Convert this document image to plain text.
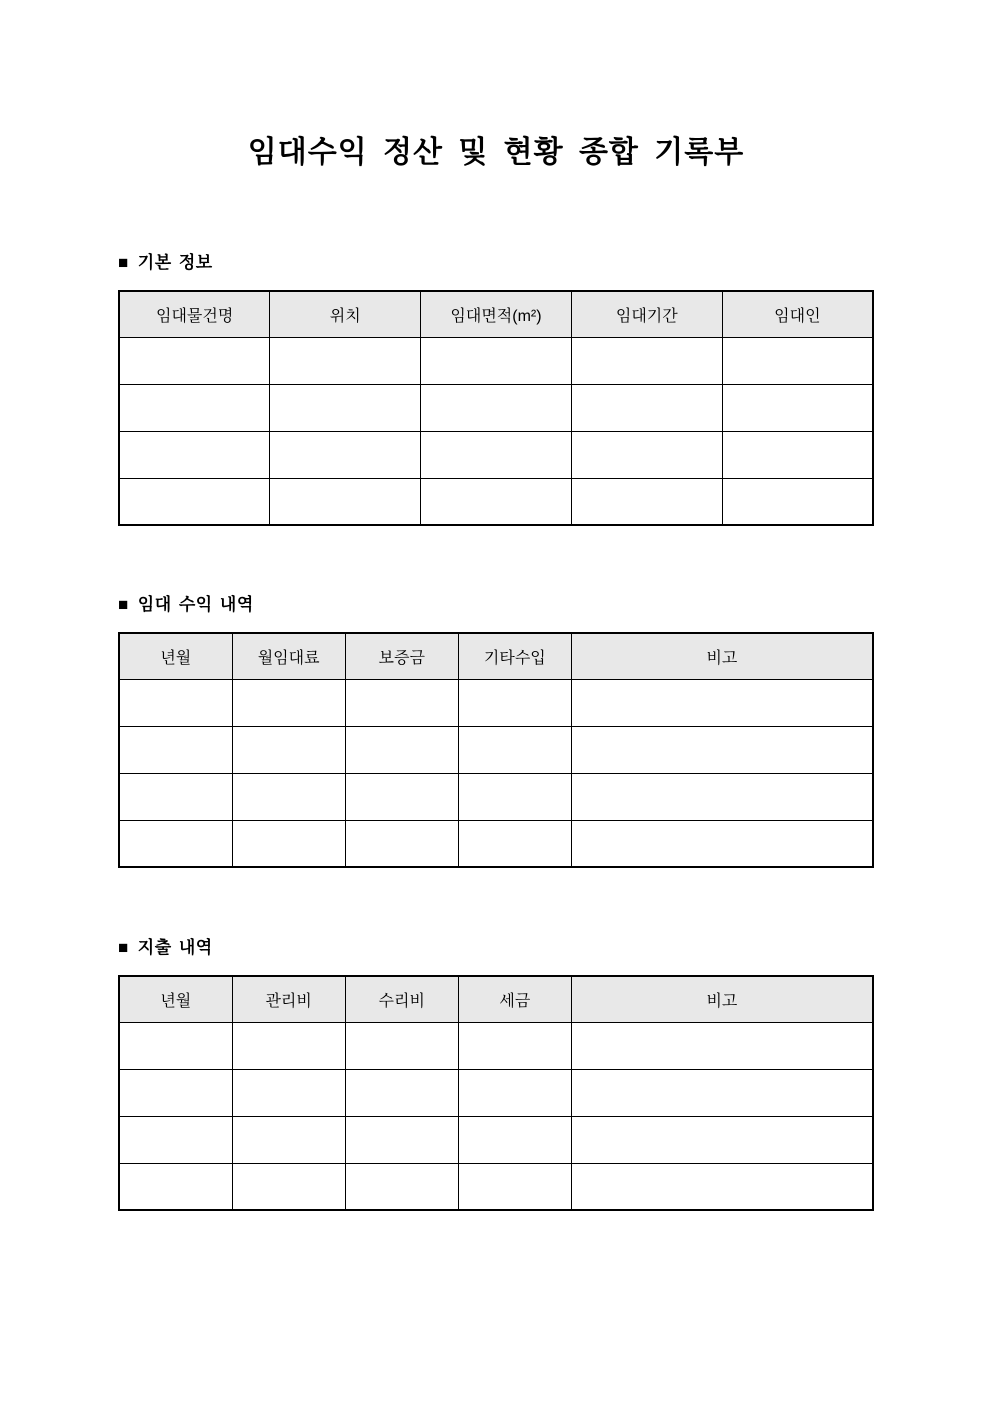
임대수익 정산 및 현황 종합 기록부
■ 기본 정보
임대물건명	위치	임대면적(m²)	임대기간	임대인

■ 임대 수익 내역
년월	월임대료	보증금	기타수입	비고

■ 지출 내역
년월	관리비	수리비	세금	비고
